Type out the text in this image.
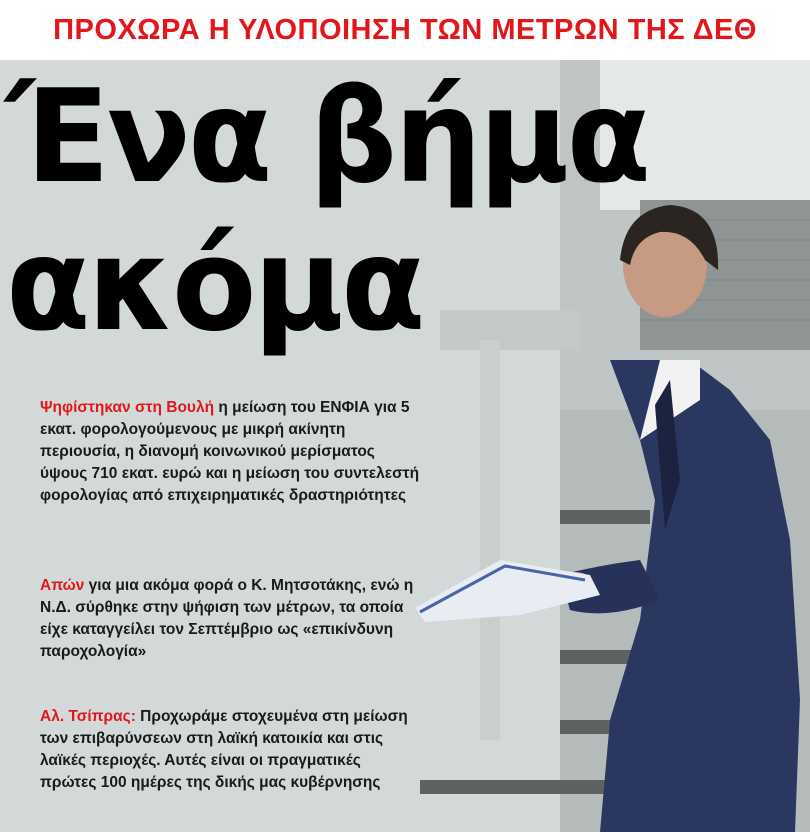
ΠΡΟΧΩΡΑ Η ΥΛΟΠΟΙΗΣΗ ΤΩΝ ΜΕΤΡΩΝ ΤΗΣ ΔΕΘ
Ένα βήμα
ακόμα
Ψηφίστηκαν στη Βουλή η μείωση του ΕΝΦΙΑ για 5 εκατ. φορολογούμενους με μικρή ακίνητη περιουσία, η διανομή κοινωνικού μερίσματος ύψους 710 εκατ. ευρώ και η μείωση του συντελεστή φορολογίας από επιχειρηματικές δραστηριότητες
Απών για μια ακόμα φορά ο Κ. Μητσοτάκης, ενώ η Ν.Δ. σύρθηκε στην ψήφιση των μέτρων, τα οποία είχε καταγγείλει τον Σεπτέμβριο ως «επικίνδυνη παροχολογία»
Αλ. Τσίπρας: Προχωράμε στοχευμένα στη μείωση των επιβαρύνσεων στη λαϊκή κατοικία και στις λαϊκές περιοχές. Αυτές είναι οι πραγματικές πρώτες 100 ημέρες της δικής μας κυβέρνησης
